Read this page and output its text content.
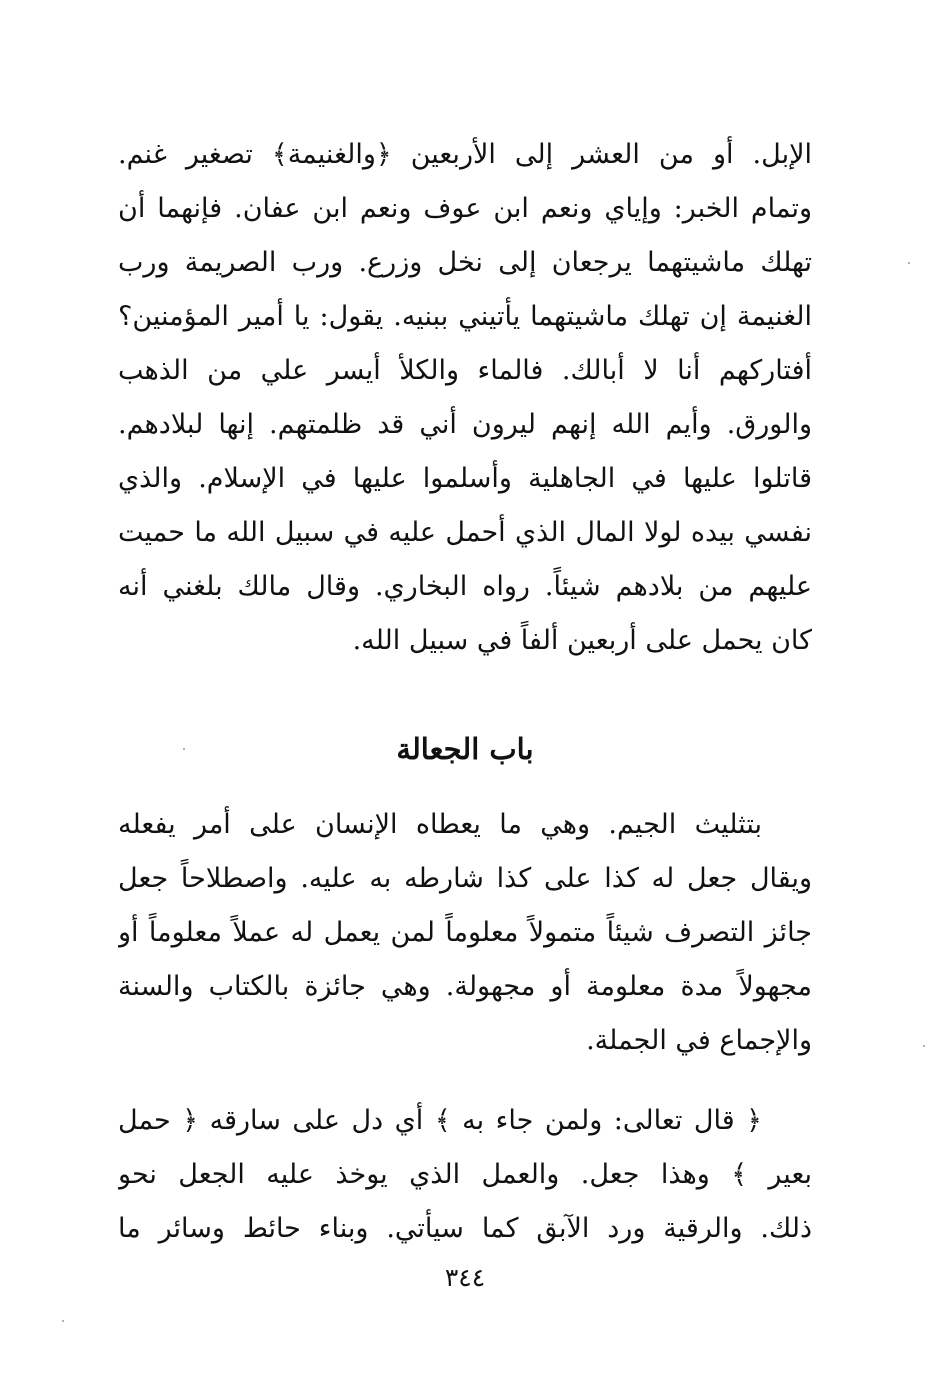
الإبل. أو من العشر إلى الأربعين ﴿والغنيمة﴾ تصغير غنم.
وتمام الخبر: وإياي ونعم ابن عوف ونعم ابن عفان. فإنهما أن
تهلك ماشيتهما يرجعان إلى نخل وزرع. ورب الصريمة ورب
الغنيمة إن تهلك ماشيتهما يأتيني ببنيه. يقول: يا أمير المؤمنين؟
أفتاركهم أنا لا أبالك. فالماء والكلأ أيسر علي من الذهب
والورق. وأيم الله إنهم ليرون أني قد ظلمتهم. إنها لبلادهم.
قاتلوا عليها في الجاهلية وأسلموا عليها في الإسلام. والذي
نفسي بيده لولا المال الذي أحمل عليه في سبيل الله ما حميت
عليهم من بلادهم شيئاً. رواه البخاري. وقال مالك بلغني أنه
كان يحمل على أربعين ألفاً في سبيل الله.
باب الجعالة
بتثليث الجيم. وهي ما يعطاه الإنسان على أمر يفعله
ويقال جعل له كذا على كذا شارطه به عليه. واصطلاحاً جعل
جائز التصرف شيئاً متمولاً معلوماً لمن يعمل له عملاً معلوماً أو
مجهولاً مدة معلومة أو مجهولة. وهي جائزة بالكتاب والسنة
والإجماع في الجملة.
﴿ قال تعالى: ولمن جاء به ﴾ أي دل على سارقه ﴿ حمل
بعير ﴾ وهذا جعل. والعمل الذي يوخذ عليه الجعل نحو
ذلك. والرقية ورد الآبق كما سيأتي. وبناء حائط وسائر ما
٣٤٤
